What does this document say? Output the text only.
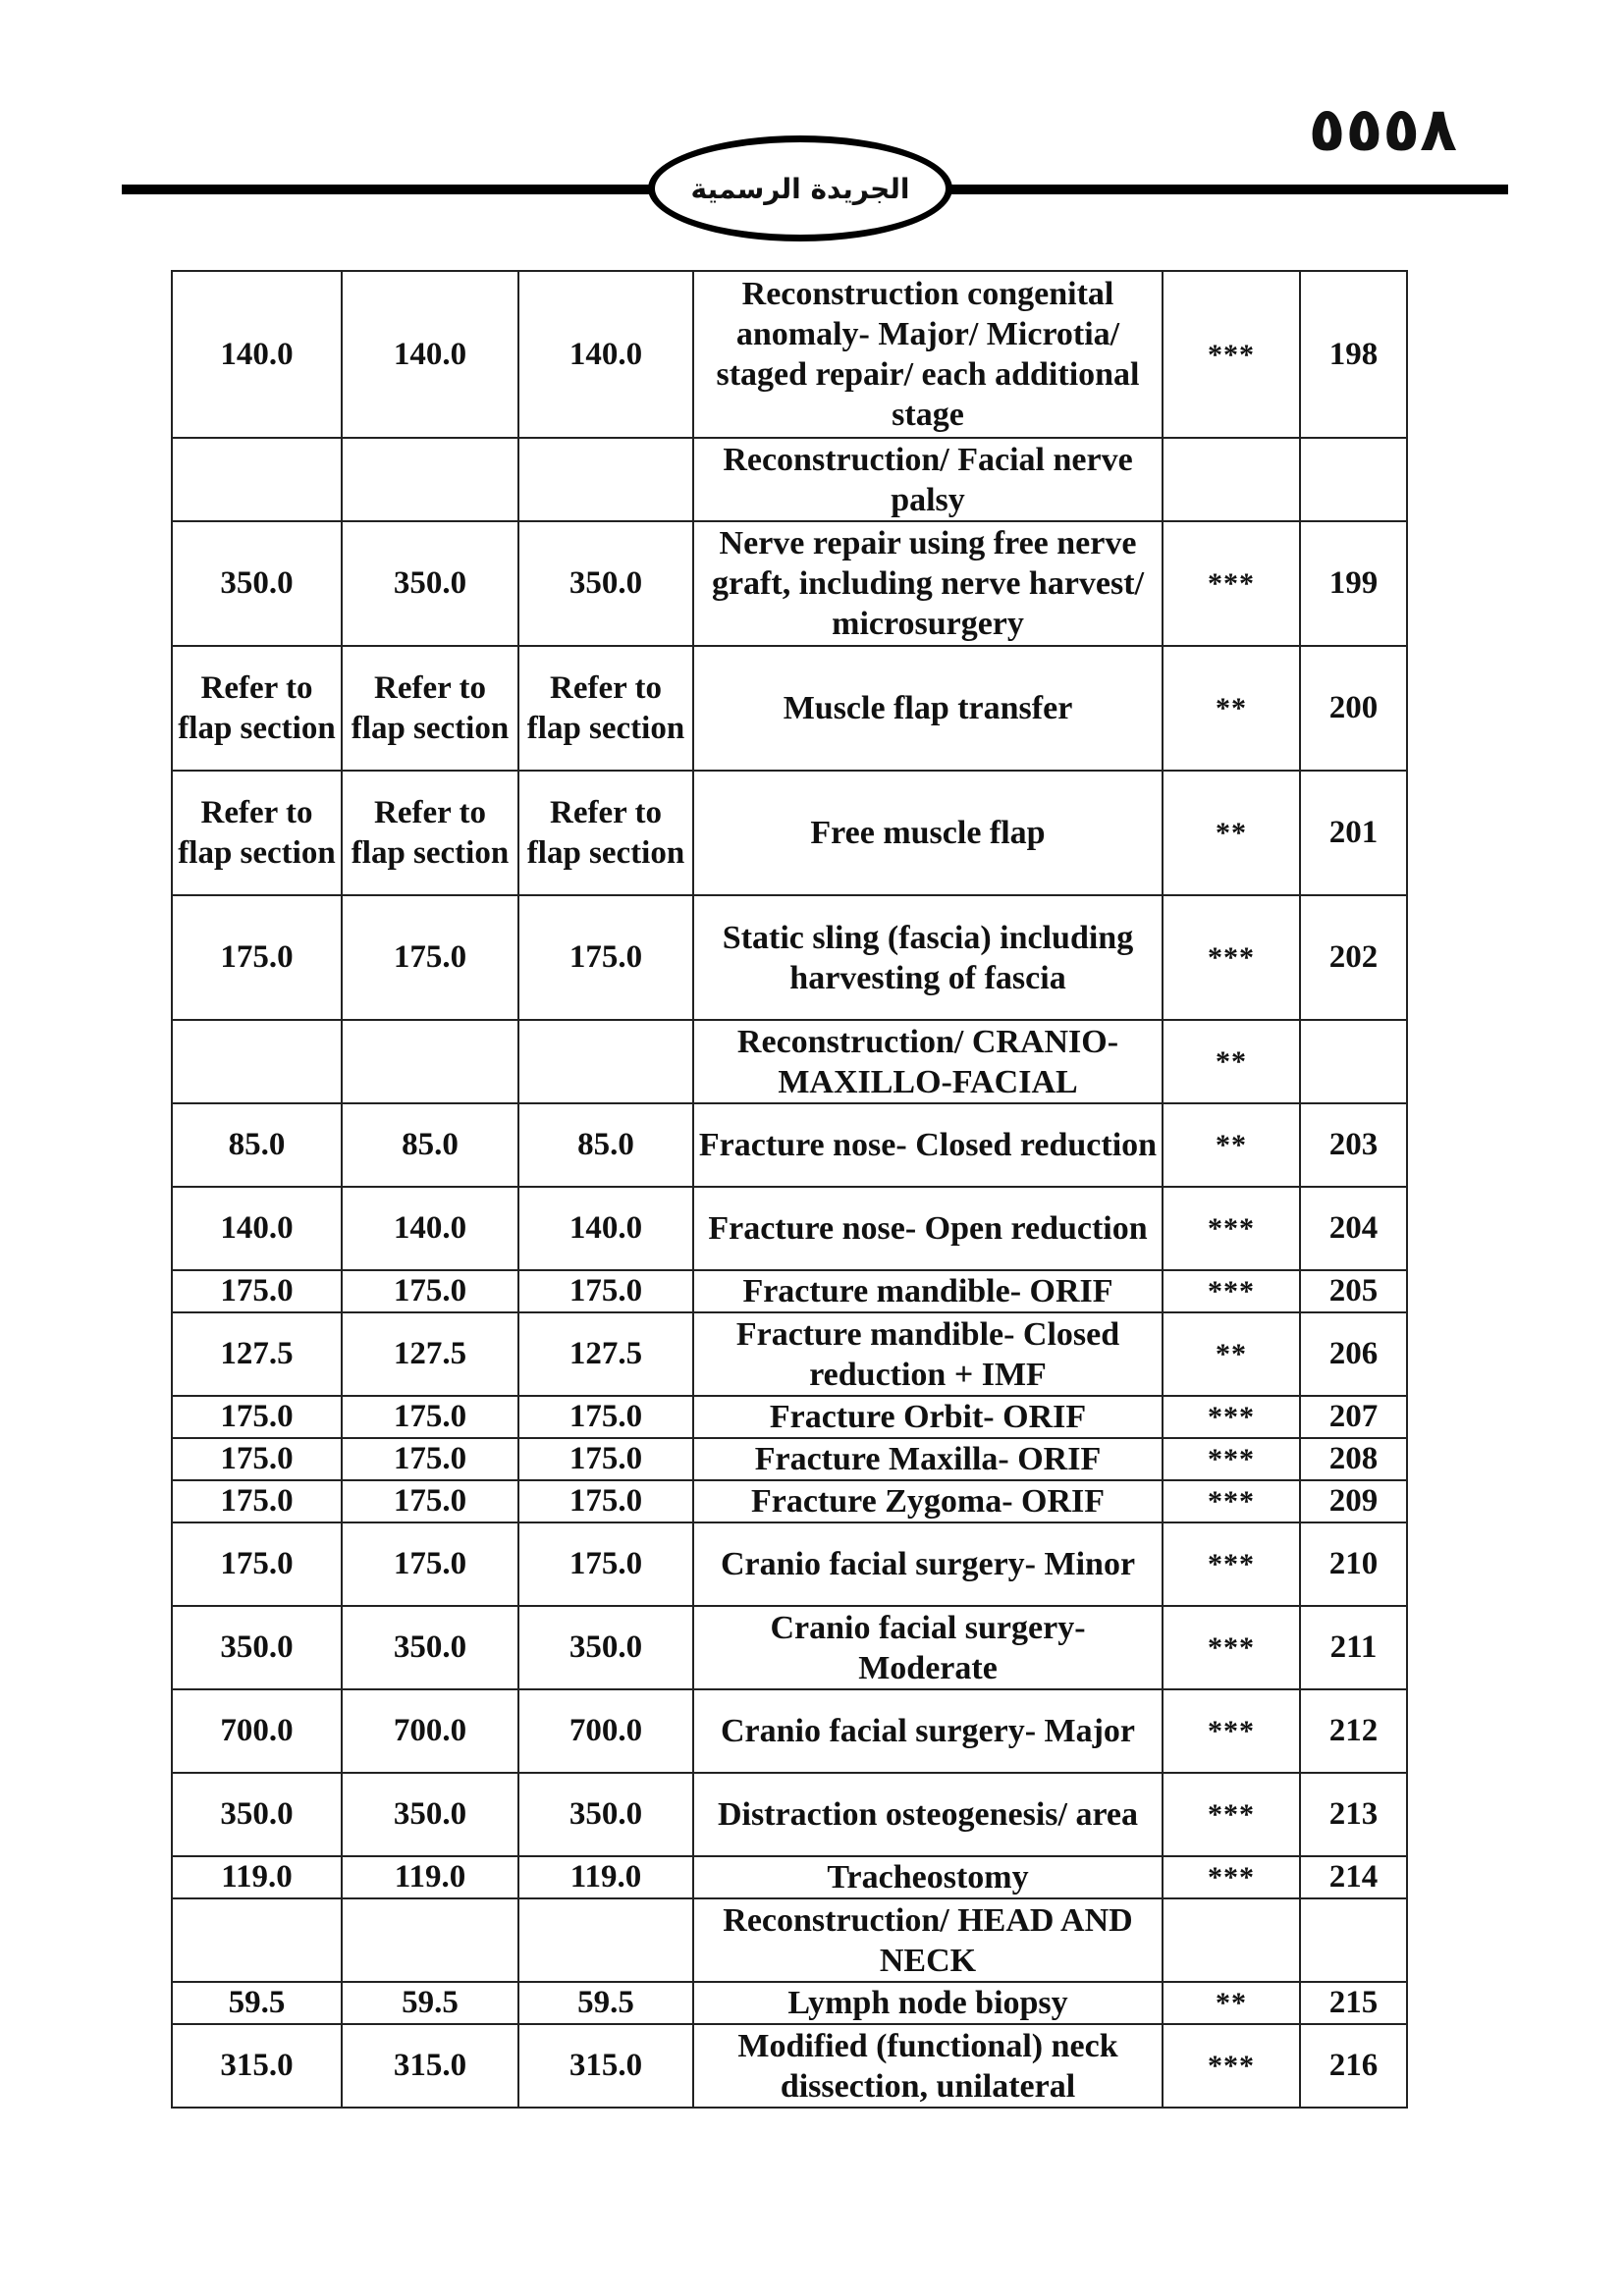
٥٥٥٨
الجريدة الرسمية
140.0	140.0	140.0	Reconstruction congenital anomaly- Major/ Microtia/ staged repair/ each additional stage	***	198
			Reconstruction/ Facial nerve palsy		
350.0	350.0	350.0	Nerve repair using free nerve graft, including nerve harvest/ microsurgery	***	199
Refer to flap section	Refer to flap section	Refer to flap section	Muscle flap transfer	**	200
Refer to flap section	Refer to flap section	Refer to flap section	Free muscle flap	**	201
175.0	175.0	175.0	Static sling (fascia) including harvesting of fascia	***	202
			Reconstruction/ CRANIO-MAXILLO-FACIAL	**	
85.0	85.0	85.0	Fracture nose- Closed reduction	**	203
140.0	140.0	140.0	Fracture nose- Open reduction	***	204
175.0	175.0	175.0	Fracture mandible- ORIF	***	205
127.5	127.5	127.5	Fracture mandible- Closed reduction + IMF	**	206
175.0	175.0	175.0	Fracture Orbit- ORIF	***	207
175.0	175.0	175.0	Fracture Maxilla- ORIF	***	208
175.0	175.0	175.0	Fracture Zygoma- ORIF	***	209
175.0	175.0	175.0	Cranio facial surgery- Minor	***	210
350.0	350.0	350.0	Cranio facial surgery- Moderate	***	211
700.0	700.0	700.0	Cranio facial surgery- Major	***	212
350.0	350.0	350.0	Distraction osteogenesis/ area	***	213
119.0	119.0	119.0	Tracheostomy	***	214
			Reconstruction/ HEAD AND NECK		
59.5	59.5	59.5	Lymph node biopsy	**	215
315.0	315.0	315.0	Modified (functional) neck dissection, unilateral	***	216
